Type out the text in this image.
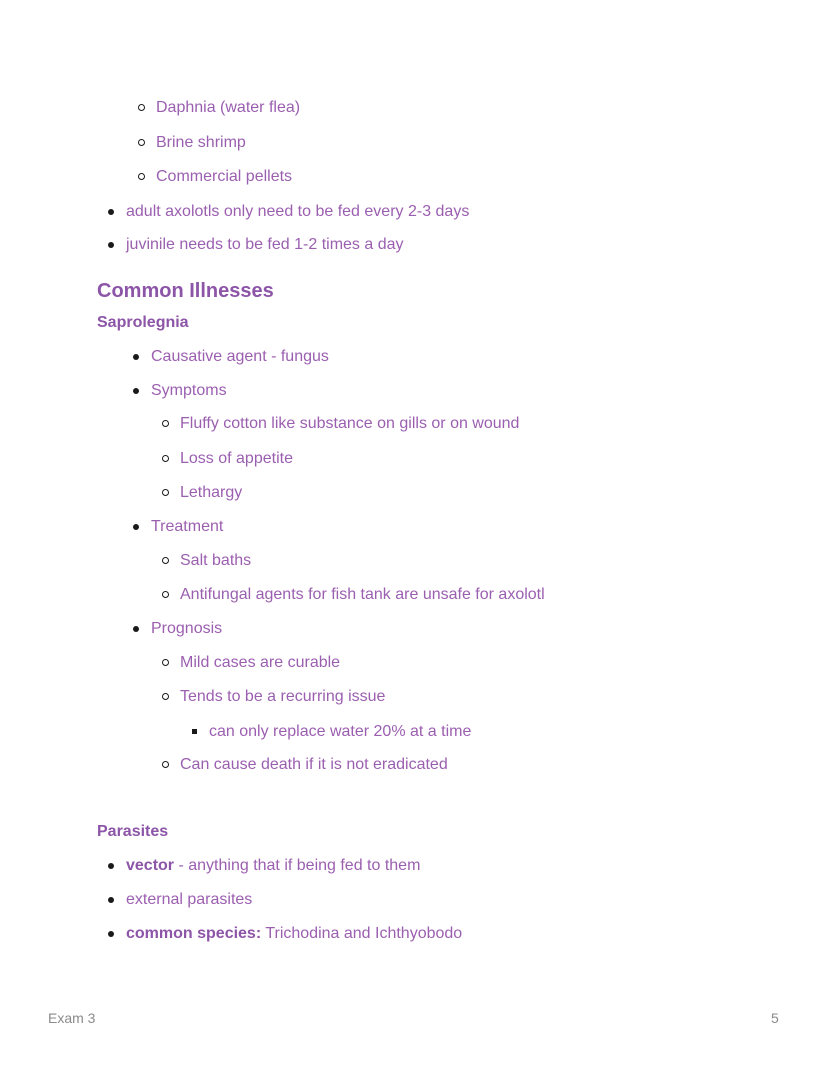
Daphnia (water flea)
Brine shrimp
Commercial pellets
adult axolotls only need to be fed every 2-3 days
juvinile needs to be fed 1-2 times a day
Common Illnesses
Saprolegnia
Causative agent - fungus
Symptoms
Fluffy cotton like substance on gills or on wound
Loss of appetite
Lethargy
Treatment
Salt baths
Antifungal agents for fish tank are unsafe for axolotl
Prognosis
Mild cases are curable
Tends to be a recurring issue
can only replace water 20% at a time
Can cause death if it is not eradicated
Parasites
vector - anything that if being fed to them
external parasites
common species: Trichodina and Ichthyobodo
Exam 3	5
